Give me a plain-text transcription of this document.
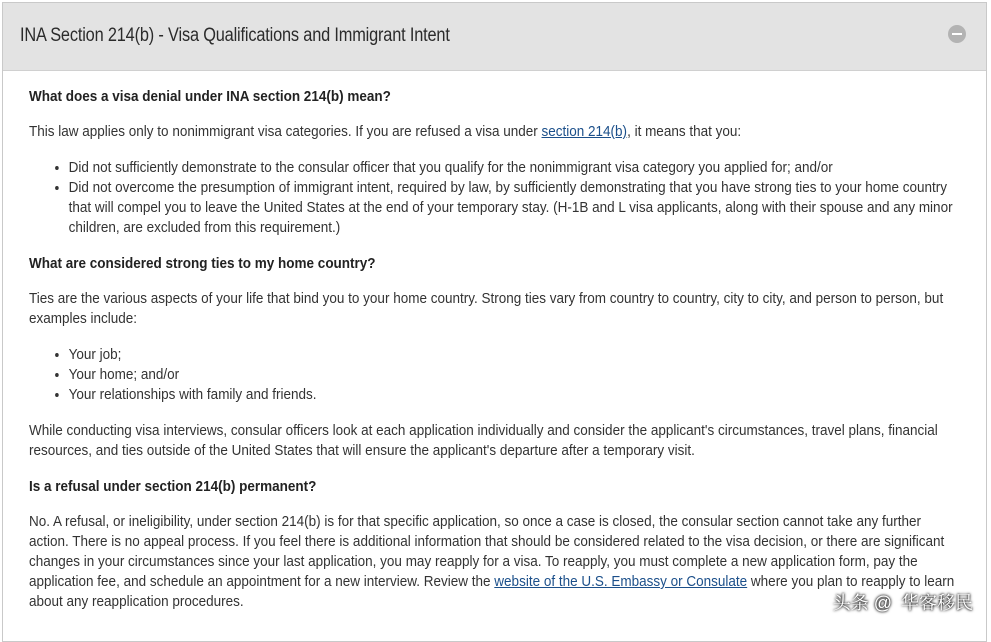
INA Section 214(b) - Visa Qualifications and Immigrant Intent
What does a visa denial under INA section 214(b) mean?

This law applies only to nonimmigrant visa categories. If you are refused a visa under section 214(b), it means that you:

• Did not sufficiently demonstrate to the consular officer that you qualify for the nonimmigrant visa category you applied for; and/or
• Did not overcome the presumption of immigrant intent, required by law, by sufficiently demonstrating that you have strong ties to your home country that will compel you to leave the United States at the end of your temporary stay. (H-1B and L visa applicants, along with their spouse and any minor children, are excluded from this requirement.)
What are considered strong ties to my home country?

Ties are the various aspects of your life that bind you to your home country. Strong ties vary from country to country, city to city, and person to person, but examples include:

• Your job;
• Your home; and/or
• Your relationships with family and friends.

While conducting visa interviews, consular officers look at each application individually and consider the applicant's circumstances, travel plans, financial resources, and ties outside of the United States that will ensure the applicant's departure after a temporary visit.

Is a refusal under section 214(b) permanent?

No. A refusal, or ineligibility, under section 214(b) is for that specific application, so once a case is closed, the consular section cannot take any further action. There is no appeal process. If you feel there is additional information that should be considered related to the visa decision, or there are significant changes in your circumstances since your last application, you may reapply for a visa. To reapply, you must complete a new application form, pay the application fee, and schedule an appointment for a new interview. Review the website of the U.S. Embassy or Consulate where you plan to reapply to learn about any reapplication procedures.	头条 @ 华客移民
